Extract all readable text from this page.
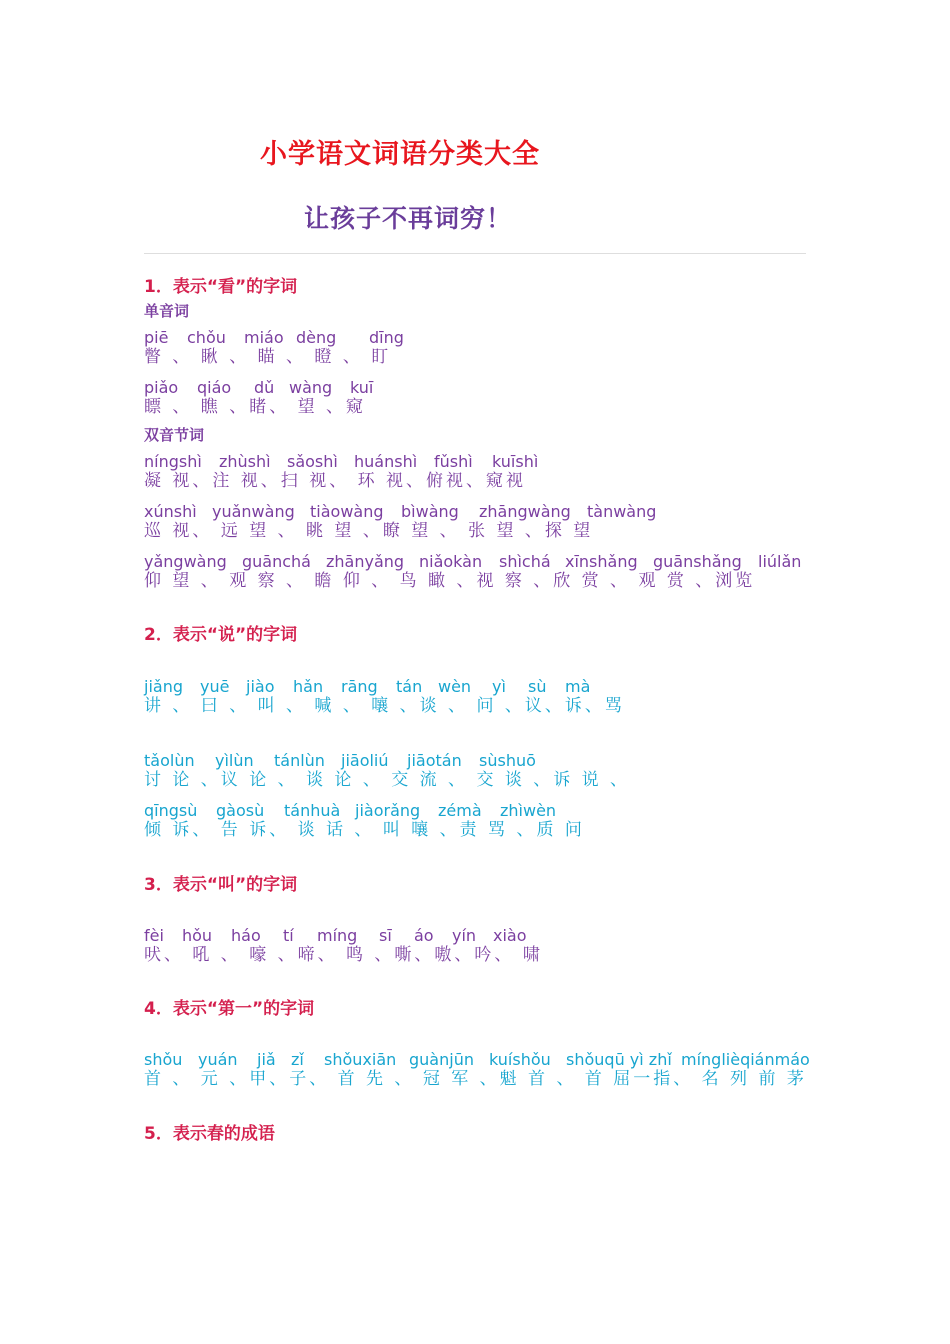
小学语文词语分类大全
让孩子不再词穷！
1．表示“看”的字词
单音词
瞥 、 瞅 、 瞄 、 瞪 、 盯
piē chǒu miáo dèng dīng
瞟 、 瞧 、睹、 望 、窥
piǎo qiáo dǔ wàng kuī
双音节词
凝 视、注 视、扫 视、 环 视、俯视、窥视
níngshì zhùshì sǎoshì huánshì fǔshì kuīshì
巡 视、 远 望 、 眺 望 、瞭 望 、 张 望 、探 望
xúnshì yuǎnwàng tiàowàng bìwàng zhāngwàng tànwàng
仰 望 、 观 察 、 瞻 仰 、 鸟 瞰 、视 察 、欣 赏 、 观 赏 、浏览
yǎngwàng guānchá zhānyǎng niǎokàn shìchá xīnshǎng guānshǎng liúlǎn
2．表示“说”的字词
讲 、 曰 、 叫 、 喊 、 嚷 、谈 、 问 、议、诉、骂
jiǎng yuē jiào hǎn rāng tán wèn yì sù mà
讨 论 、议 论 、 谈 论 、 交 流 、 交 谈 、诉 说 、
tǎolùn yìlùn tánlùn jiāoliú jiāotán sùshuō
倾 诉、 告 诉、 谈 话 、 叫 嚷 、责 骂 、质 问
qīngsù gàosù tánhuà jiàorǎng zémà zhìwèn
3．表示“叫”的字词
吠、 吼 、 嚎 、啼、 鸣 、嘶、嗷、吟、 啸
fèi hǒu háo tí míng sī áo yín xiào
4．表示“第一”的字词
首 、 元 、甲、子、 首 先 、 冠 军 、魁 首 、 首 屈一指、 名 列 前 茅
shǒu yuán jiǎ zǐ shǒuxiān guànjūn kuíshǒu shǒuqū yì zhǐ mínglièqiánmáo
5．表示春的成语
